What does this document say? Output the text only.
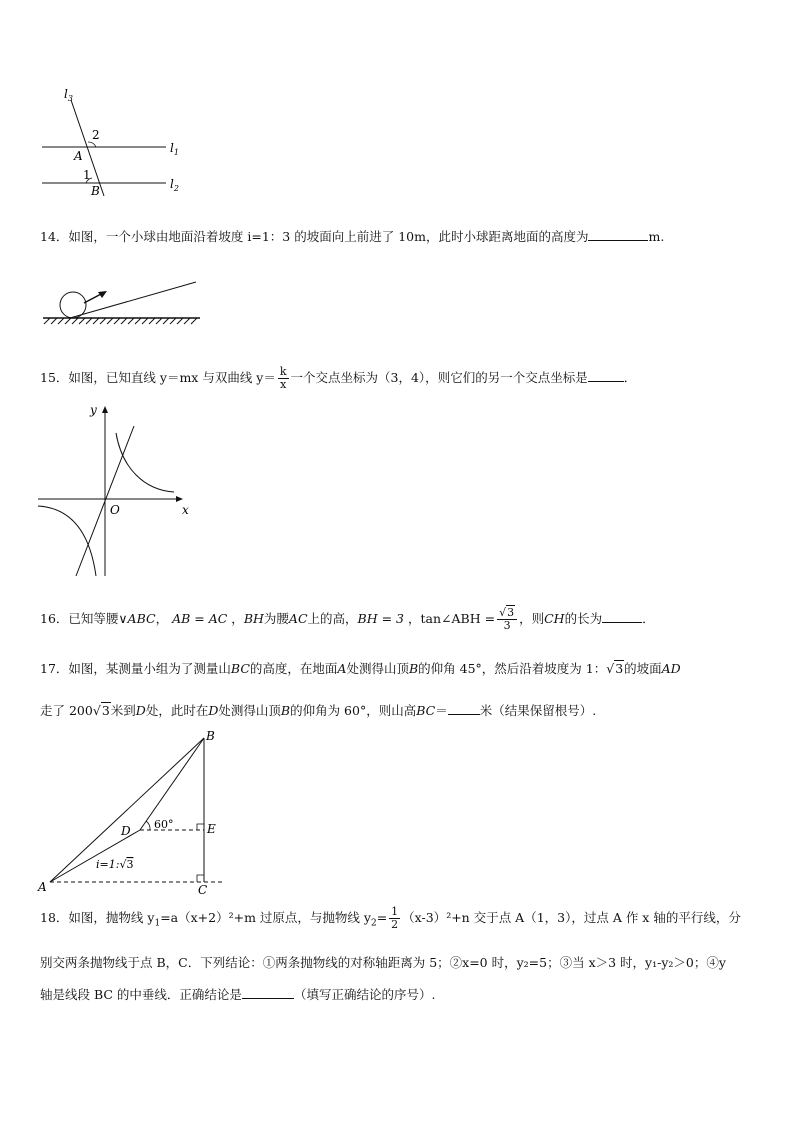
$l_3$
$l_1$
$l_2$
2
A
1
B
14．如图，一个小球由地面沿着坡度 i=1：3 的坡面向上前进了 10m，此时小球距离地面的高度为	m.
15．如图，已知直线 y＝mx 与双曲线 $y= \frac{k}{x}$ 一个交点坐标为（3，4），则它们的另一个交点坐标是	．
y
x
O
16．已知等腰∨ABC， AB = AC ，BH为腰AC上的高，BH = 3 ，tan∠ABH = $\frac{√3}{3}$ ，则CH的长为	．
17．如图，某测量小组为了测量山BC的高度，在地面A处测得山顶B的仰角 45°，然后沿着坡度为 1：√3的坡面AD
走了 200√3米到D处，此时在D处测得山顶B的仰角为 60°，则山高BC＝	米（结果保留根号）.
B
E
D
A	C
60°
i=1:√3
18．如图，抛物线 $y_1=a(x+2)^2+m$ 过原点，与抛物线 $y_2= \frac{1}{2} (x-3)^2+n$ 交于点 A（1，3），过点 A 作 x 轴的平行线，分
别交两条抛物线于点 B，C．下列结论：①两条抛物线的对称轴距离为 5；②x=0 时，y₂=5；③当 x＞3 时，y₁-y₂＞0；④y
轴是线段 BC 的中垂线．正确结论是	（填写正确结论的序号）.
